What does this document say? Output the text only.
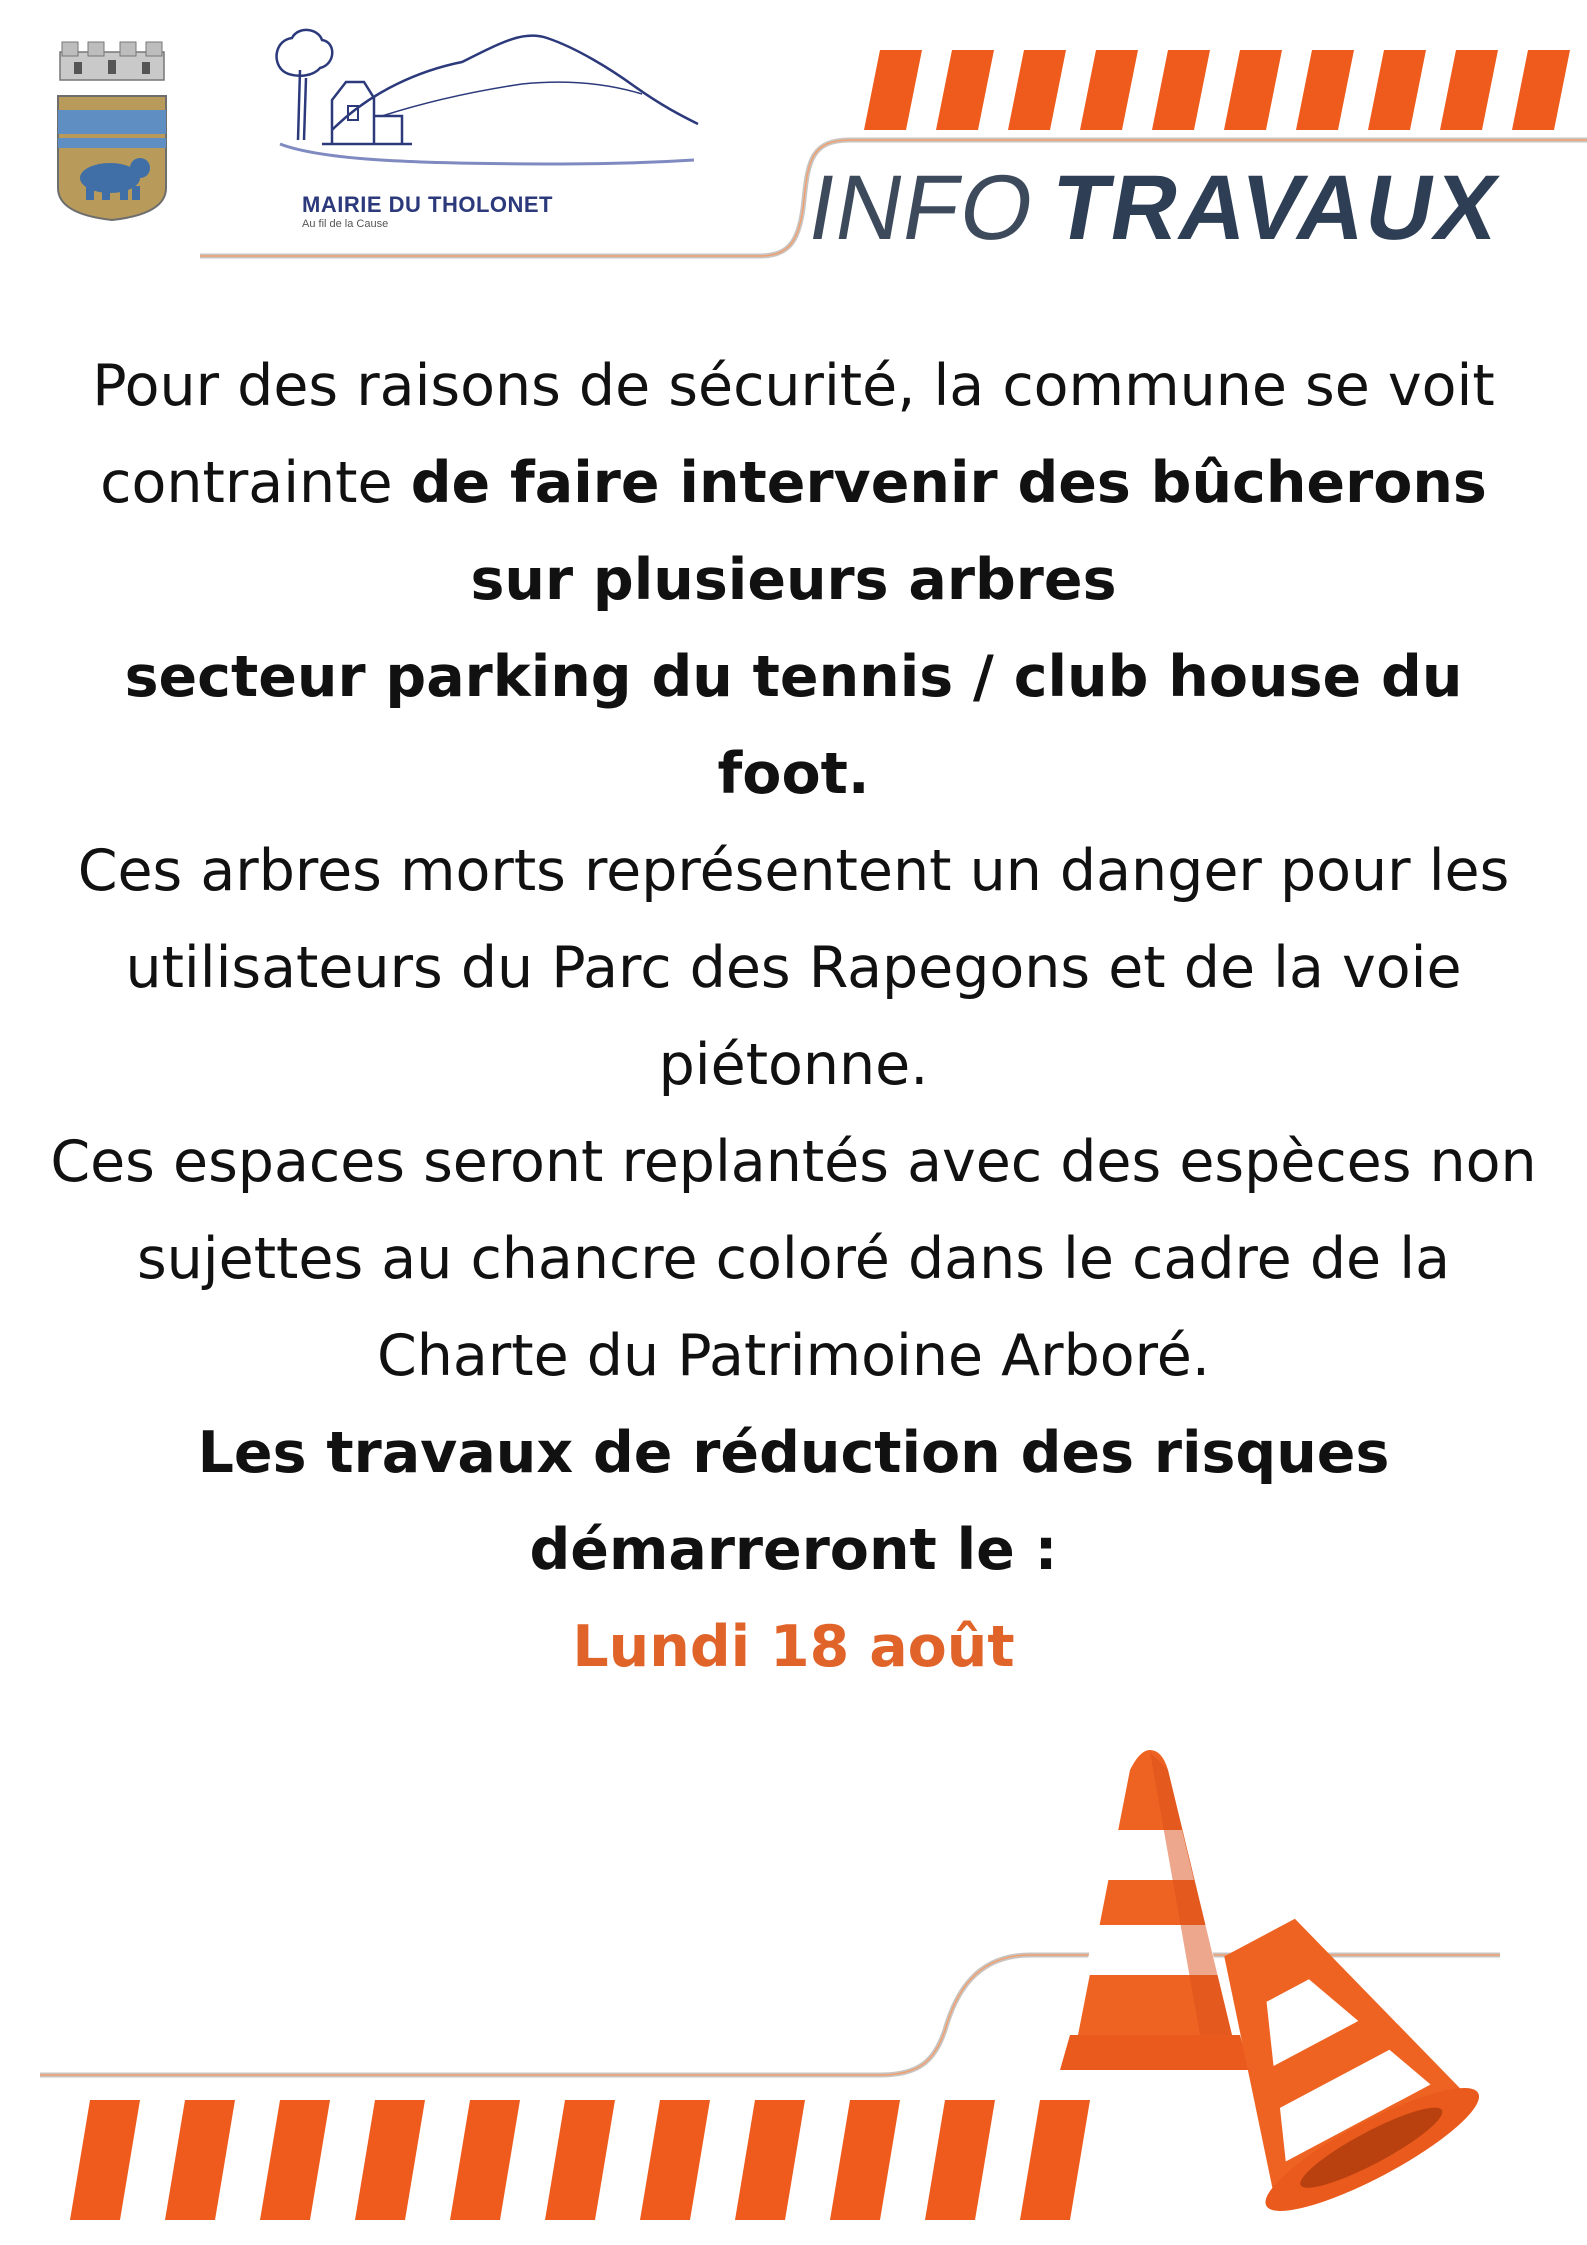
MAIRIE DU THOLONET
Au fil de la Cause	INFOTRAVAUX

Pour des raisons de sécurité, la commune se voit contrainte de faire intervenir des bûcherons sur plusieurs arbres

secteur parking du tennis / club house du foot.

Ces arbres morts représentent un danger pour les utilisateurs du Parc des Rapegons et de la voie piétonne.

Ces espaces seront replantés avec des espèces non sujettes au chancre coloré dans le cadre de la Charte du Patrimoine Arboré.

Les travaux de réduction des risques démarreront le :

Lundi 18 août
